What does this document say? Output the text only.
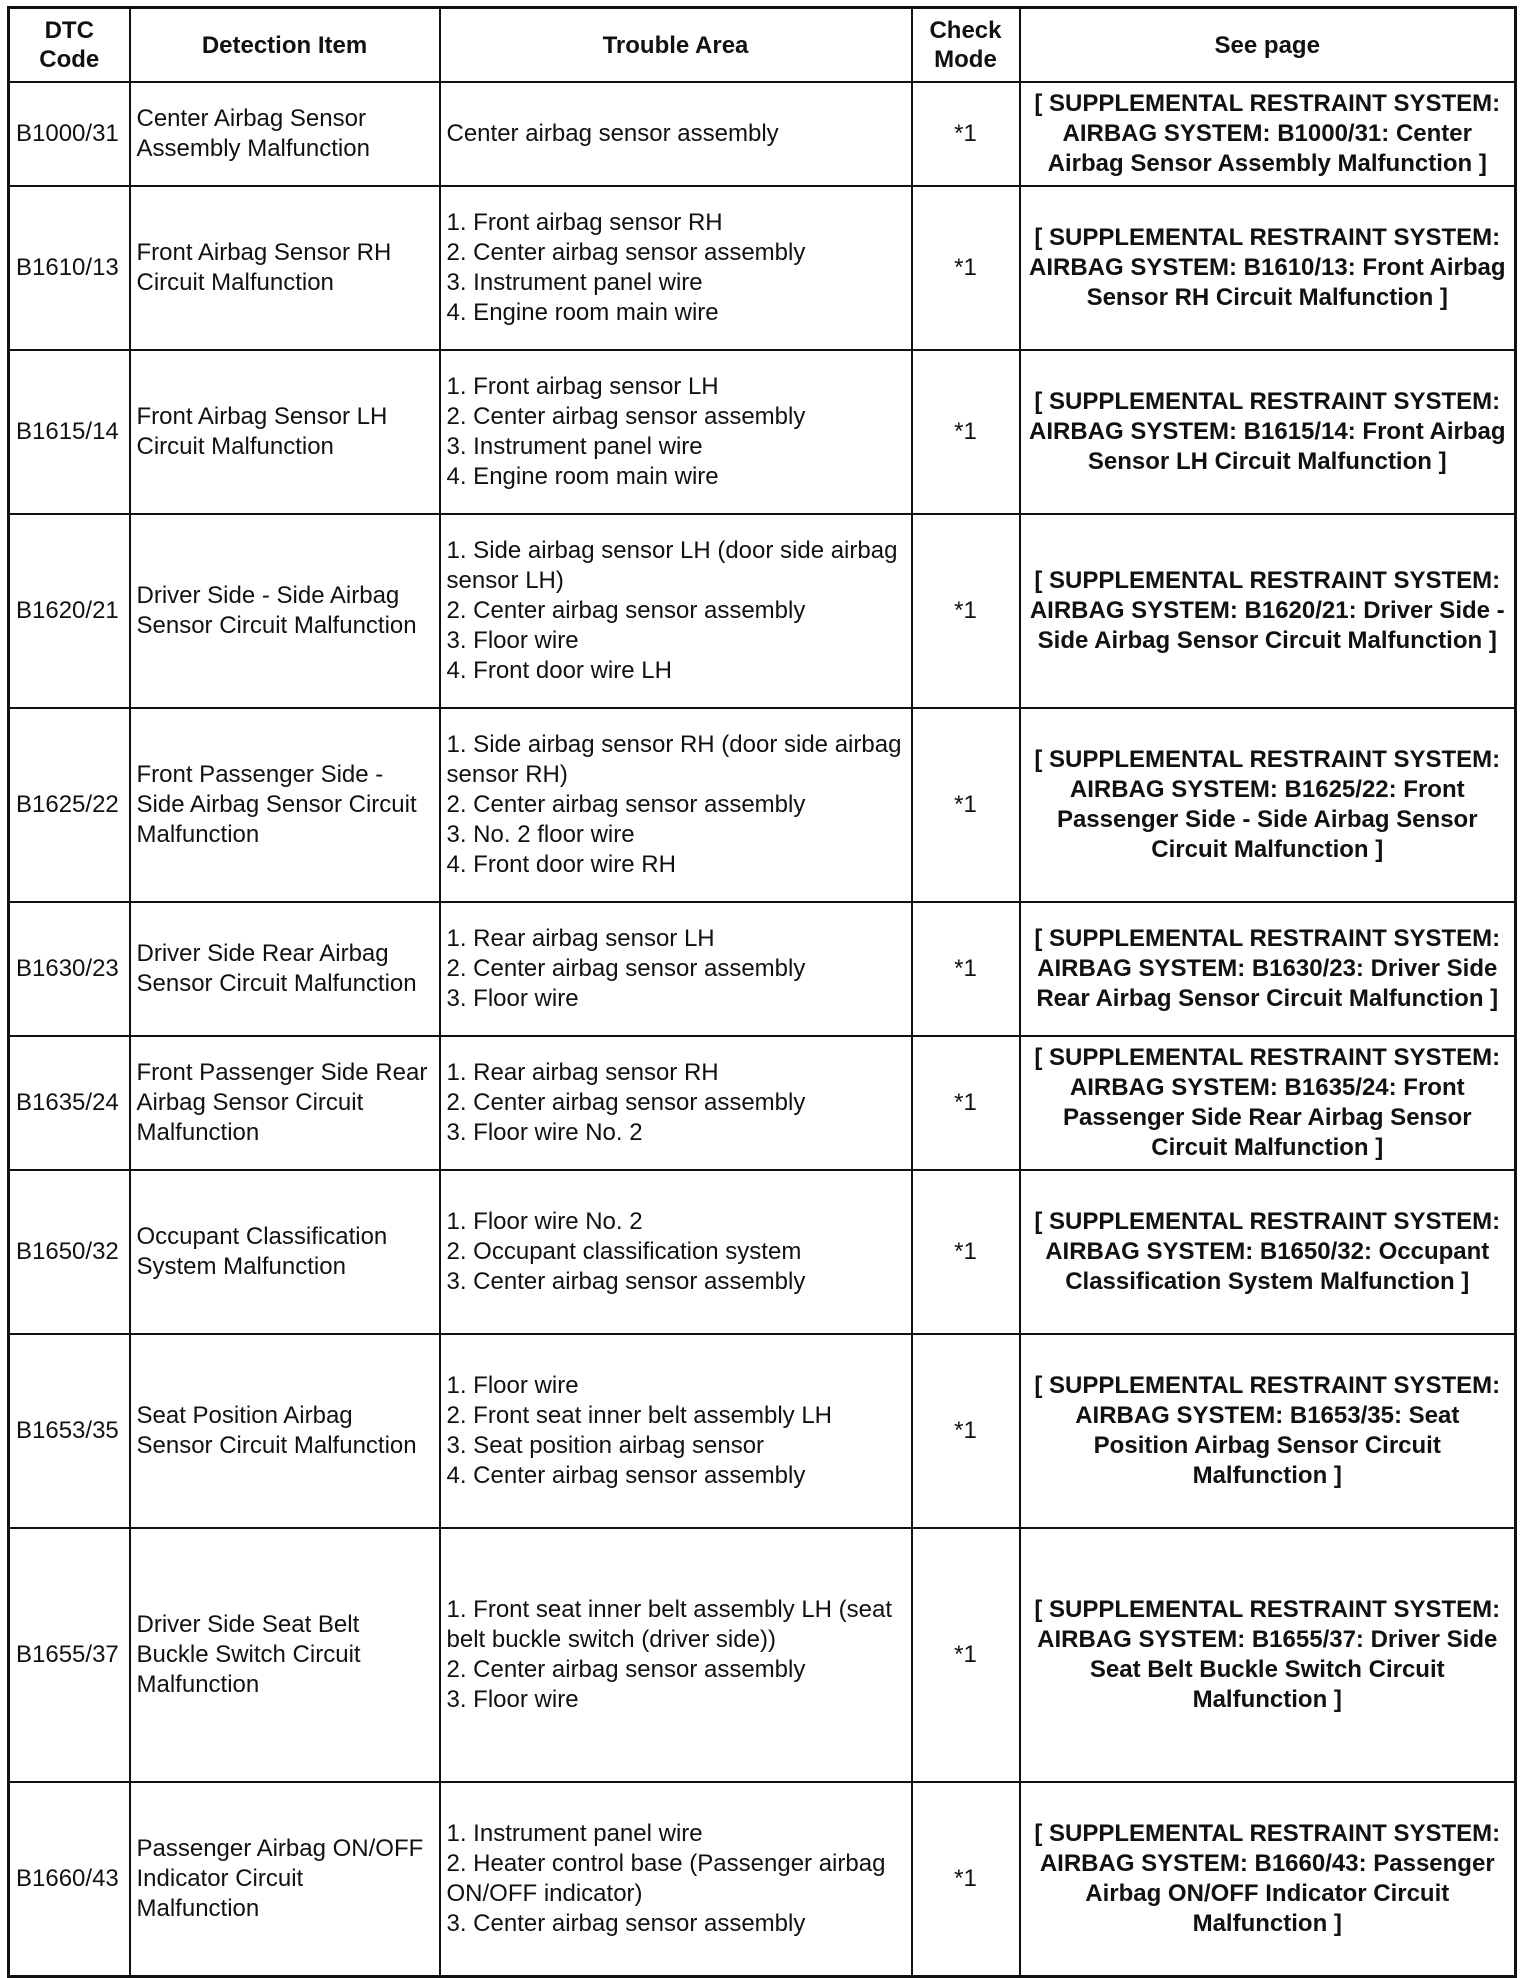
DTC Code	Detection Item	Trouble Area	Check Mode	See page
B1000/31	Center Airbag Sensor Assembly Malfunction	Center airbag sensor assembly	*1	[ SUPPLEMENTAL RESTRAINT SYSTEM: AIRBAG SYSTEM: B1000/31: Center Airbag Sensor Assembly Malfunction ]
B1610/13	Front Airbag Sensor RH Circuit Malfunction	1. Front airbag sensor RH
2. Center airbag sensor assembly
3. Instrument panel wire
4. Engine room main wire	*1	[ SUPPLEMENTAL RESTRAINT SYSTEM: AIRBAG SYSTEM: B1610/13: Front Airbag Sensor RH Circuit Malfunction ]
B1615/14	Front Airbag Sensor LH Circuit Malfunction	1. Front airbag sensor LH
2. Center airbag sensor assembly
3. Instrument panel wire
4. Engine room main wire	*1	[ SUPPLEMENTAL RESTRAINT SYSTEM: AIRBAG SYSTEM: B1615/14: Front Airbag Sensor LH Circuit Malfunction ]
B1620/21	Driver Side - Side Airbag Sensor Circuit Malfunction	1. Side airbag sensor LH (door side airbag sensor LH)
2. Center airbag sensor assembly
3. Floor wire
4. Front door wire LH	*1	[ SUPPLEMENTAL RESTRAINT SYSTEM: AIRBAG SYSTEM: B1620/21: Driver Side - Side Airbag Sensor Circuit Malfunction ]
B1625/22	Front Passenger Side - Side Airbag Sensor Circuit Malfunction	1. Side airbag sensor RH (door side airbag sensor RH)
2. Center airbag sensor assembly
3. No. 2 floor wire
4. Front door wire RH	*1	[ SUPPLEMENTAL RESTRAINT SYSTEM: AIRBAG SYSTEM: B1625/22: Front Passenger Side - Side Airbag Sensor Circuit Malfunction ]
B1630/23	Driver Side Rear Airbag Sensor Circuit Malfunction	1. Rear airbag sensor LH
2. Center airbag sensor assembly
3. Floor wire	*1	[ SUPPLEMENTAL RESTRAINT SYSTEM: AIRBAG SYSTEM: B1630/23: Driver Side Rear Airbag Sensor Circuit Malfunction ]
B1635/24	Front Passenger Side Rear Airbag Sensor Circuit Malfunction	1. Rear airbag sensor RH
2. Center airbag sensor assembly
3. Floor wire No. 2	*1	[ SUPPLEMENTAL RESTRAINT SYSTEM: AIRBAG SYSTEM: B1635/24: Front Passenger Side Rear Airbag Sensor Circuit Malfunction ]
B1650/32	Occupant Classification System Malfunction	1. Floor wire No. 2
2. Occupant classification system
3. Center airbag sensor assembly	*1	[ SUPPLEMENTAL RESTRAINT SYSTEM: AIRBAG SYSTEM: B1650/32: Occupant Classification System Malfunction ]
B1653/35	Seat Position Airbag Sensor Circuit Malfunction	1. Floor wire
2. Front seat inner belt assembly LH
3. Seat position airbag sensor
4. Center airbag sensor assembly	*1	[ SUPPLEMENTAL RESTRAINT SYSTEM: AIRBAG SYSTEM: B1653/35: Seat Position Airbag Sensor Circuit Malfunction ]
B1655/37	Driver Side Seat Belt Buckle Switch Circuit Malfunction	1. Front seat inner belt assembly LH (seat belt buckle switch (driver side))
2. Center airbag sensor assembly
3. Floor wire	*1	[ SUPPLEMENTAL RESTRAINT SYSTEM: AIRBAG SYSTEM: B1655/37: Driver Side Seat Belt Buckle Switch Circuit Malfunction ]
B1660/43	Passenger Airbag ON/OFF Indicator Circuit Malfunction	1. Instrument panel wire
2. Heater control base (Passenger airbag ON/OFF indicator)
3. Center airbag sensor assembly	*1	[ SUPPLEMENTAL RESTRAINT SYSTEM: AIRBAG SYSTEM: B1660/43: Passenger Airbag ON/OFF Indicator Circuit Malfunction ]
